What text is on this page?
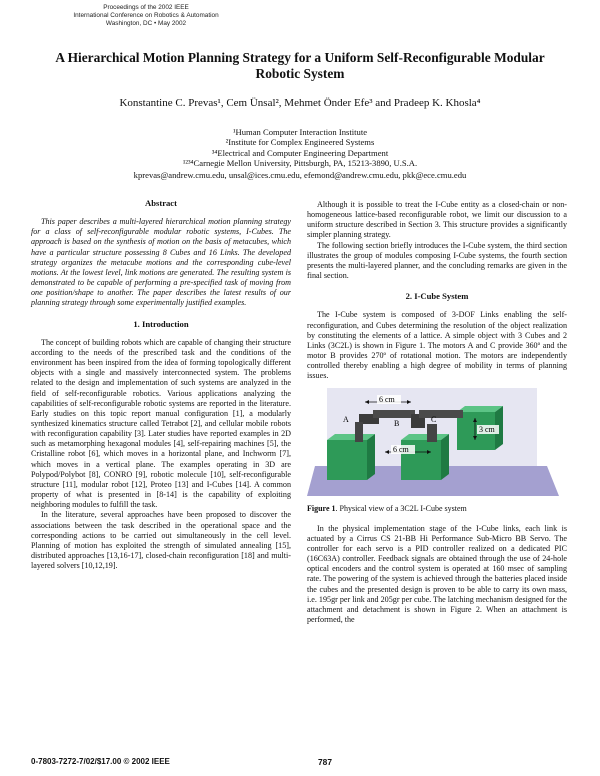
Proceedings of the 2002 IEEE
International Conference on Robotics & Automation
Washington, DC • May 2002
A Hierarchical Motion Planning Strategy for a Uniform Self-Reconfigurable Modular Robotic System
Konstantine C. Prevas¹, Cem Ünsal², Mehmet Önder Efe³ and Pradeep K. Khosla⁴
¹Human Computer Interaction Institute
²Institute for Complex Engineered Systems
³⁴Electrical and Computer Engineering Department
¹²³⁴Carnegie Mellon University, Pittsburgh, PA, 15213-3890, U.S.A.
kprevas@andrew.cmu.edu, unsal@ices.cmu.edu, efemond@andrew.cmu.edu, pkk@ece.cmu.edu
Abstract

This paper describes a multi-layered hierarchical motion planning strategy for a class of self-reconfigurable modular robotic systems, I-Cubes. The approach is based on the synthesis of motion on the basis of metacubes, which have a particular structure possessing 8 Cubes and 16 Links. The developed strategy organizes the metacube motions and the corresponding cube-level motions. At the lowest level, link motions are generated. The resulting system is demonstrated to be capable of performing a pre-specified task of moving from one position/shape to another. The paper describes the latest results of our planning strategy through some experimentally justified examples.

1. Introduction

The concept of building robots which are capable of changing their structure according to the needs of the prescribed task and the conditions of the environment has been inspired from the idea of forming topologically different objects with a single and massively interconnected system. The problems related to the design and implementation of such systems are analyzed in the field of self-reconfigurable robotics. Various applications analyzing the capabilities of self-reconfigurable robotic systems are reported in the literature. Early studies on this topic report manual configuration [1], a modularly synthesized kinematics structure called Tetrabot [2], and cellular mobile robots with reconfiguration capability [3]. Later studies have reported examples in 2D such as metamorphing hexagonal modules [4], self-repairing machines [5], the Cristalline robot [6], which moves in a horizontal plane, and Inchworm [7], which moves in a vertical plane. The examples operating in 3D are Polypod/Polybot [8], CONRO [9], robotic molecule [10], self-reconfigurable structure [11], modular robot [12], Proteo [13] and I-Cubes [14]. A common property of what is presented in [8-14] is the capability of exploiting neighboring modules to fulfill the task.

In the literature, several approaches have been proposed to discover the associations between the task described in the operational space and the corresponding actions to be carried out simultaneously in the cell level. Planning of motion has exploited the strength of simulated annealing [15], distributed approaches [13,16-17], closed-chain reconfiguration [18] and multi-layered solvers [10,12,19].

Although it is possible to treat the I-Cube entity as a closed-chain or non-homogeneous lattice-based reconfigurable robot, we limit our discussion to a uniform structure described in Section 3. This structure provides a significantly simpler planning strategy.

The following section briefly introduces the I-Cube system, the third section illustrates the group of modules composing I-Cube systems, the fourth section presents the multi-layered planner, and the concluding remarks are given in the final section.

2. I-Cube System

The I-Cube system is composed of 3-DOF Links enabling the self-reconfiguration, and Cubes determining the resolution of the object realization by constituting the elements of a lattice. A simple object with 3 Cubes and 2 Links (3C2L) is shown in Figure 1. The motors A and C provide 360º and the motor B provides 270º of rotational motion. The motors are independently controlled thereby enabling a high degree of mobility in terms of planning issues.

6 cm
6 cm
3 cm
A	B	C
Figure 1. Physical view of a 3C2L I-Cube system

In the physical implementation stage of the I-Cube links, each link is actuated by a Cirrus CS 21-BB Hi Performance Sub-Micro BB Servo. The controller for each servo is a PID controller realized on a dedicated PIC (16C63A) controller. Feedback signals are obtained through the use of 24-hole optical encoders and the control system is operated at 160 msec of sampling rate. The powering of the system is achieved through the batteries placed inside the cubes and the presented design is proven to be able to carry its own mass, i.e. 195gr per link and 205gr per cube. The latching mechanism designed for the attachment and detachment is shown in Figure 2. When an attachment is performed, the

0-7803-7272-7/02/$17.00 © 2002 IEEE	787
